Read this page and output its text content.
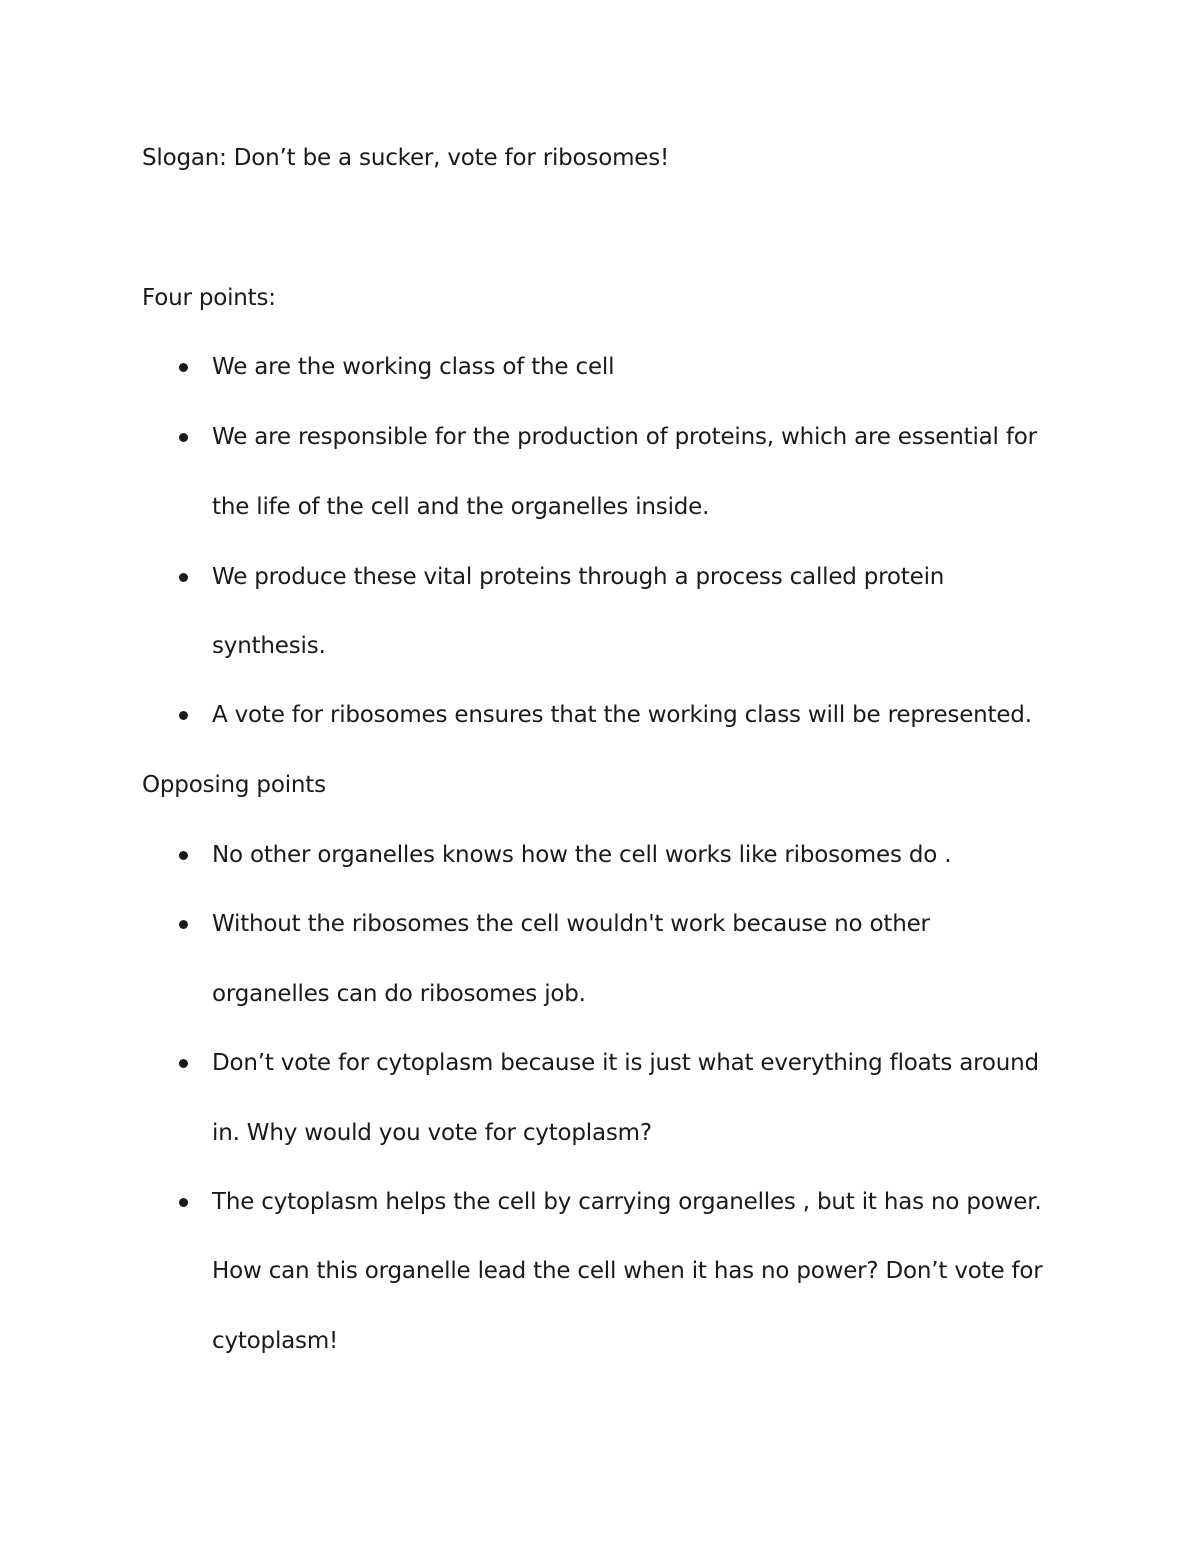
Slogan: Don’t be a sucker, vote for ribosomes!
Four points:
We are the working class of the cell
We are responsible for the production of proteins, which are essential for
the life of the cell and the organelles inside.
We produce these vital proteins through a process called protein
synthesis.
A vote for ribosomes ensures that the working class will be represented.
Opposing points
No other organelles knows how the cell works like ribosomes do .
Without the ribosomes the cell wouldn't work because no other
organelles can do ribosomes job.
Don’t vote for cytoplasm because it is just what everything floats around
in. Why would you vote for cytoplasm?
The cytoplasm helps the cell by carrying organelles , but it has no power.
How can this organelle lead the cell when it has no power? Don’t vote for
cytoplasm!
